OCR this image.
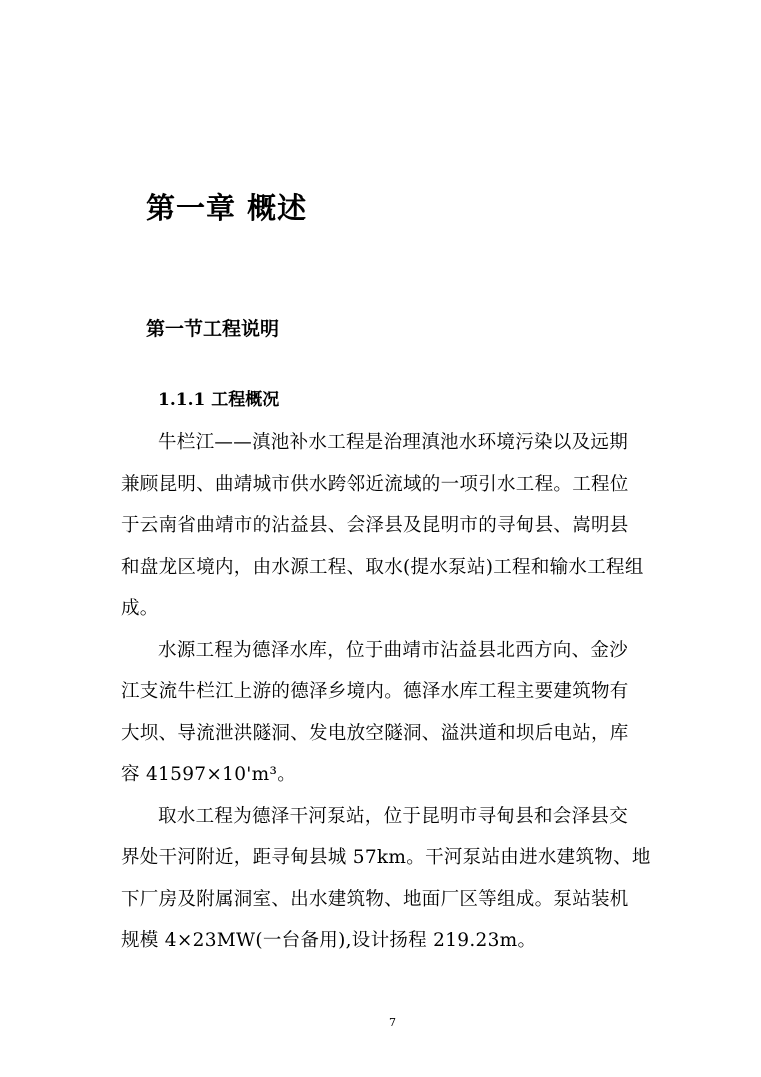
第一章 概述
第一节工程说明
1.1.1 工程概况

牛栏江——滇池补水工程是治理滇池水环境污染以及远期
兼顾昆明、曲靖城市供水跨邻近流域的一项引水工程。工程位
于云南省曲靖市的沾益县、会泽县及昆明市的寻甸县、嵩明县
和盘龙区境内，由水源工程、取水(提水泵站)工程和输水工程组
成。

水源工程为德泽水库，位于曲靖市沾益县北西方向、金沙
江支流牛栏江上游的德泽乡境内。德泽水库工程主要建筑物有
大坝、导流泄洪隧洞、发电放空隧洞、溢洪道和坝后电站，库
容 41597×10'm³。

取水工程为德泽干河泵站，位于昆明市寻甸县和会泽县交
界处干河附近，距寻甸县城 57km。干河泵站由进水建筑物、地
下厂房及附属洞室、出水建筑物、地面厂区等组成。泵站装机
规模 4×23MW(一台备用),设计扬程 219.23m。

7
